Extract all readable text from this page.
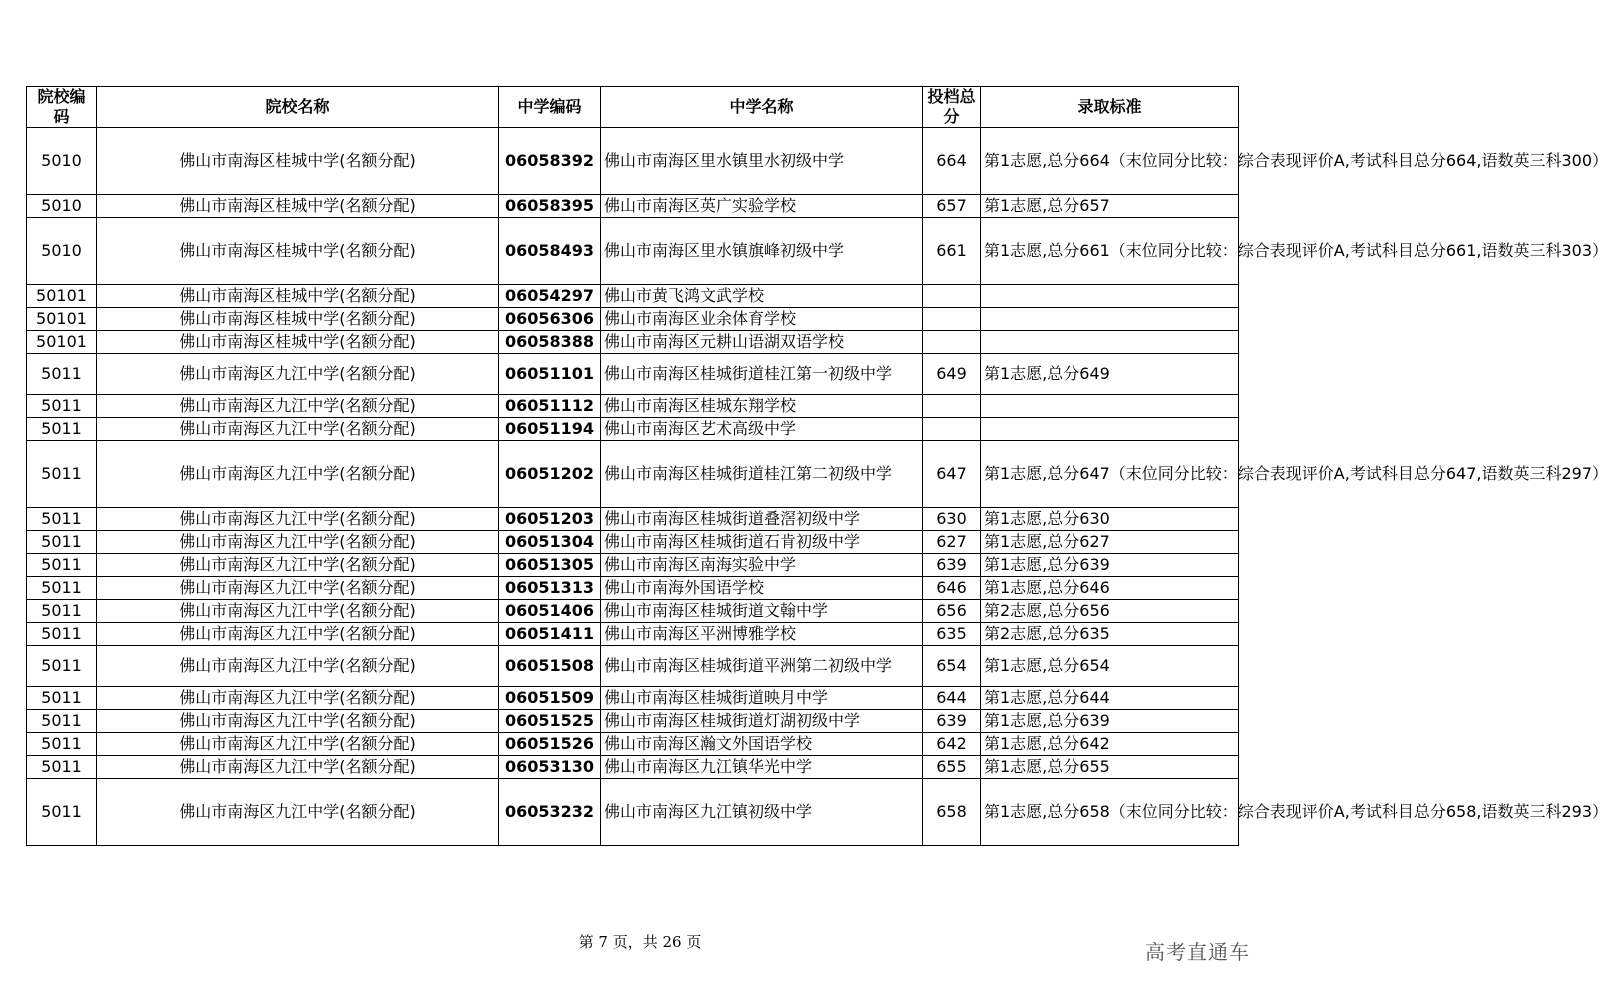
院校编码	院校名称	中学编码	中学名称	投档总分	录取标准
5010	佛山市南海区桂城中学(名额分配)	06058392	佛山市南海区里水镇里水初级中学	664	第1志愿,总分664（末位同分比较：综合表现评价A,考试科目总分664,语数英三科300）
5010	佛山市南海区桂城中学(名额分配)	06058395	佛山市南海区英广实验学校	657	第1志愿,总分657
5010	佛山市南海区桂城中学(名额分配)	06058493	佛山市南海区里水镇旗峰初级中学	661	第1志愿,总分661（末位同分比较：综合表现评价A,考试科目总分661,语数英三科303）
50101	佛山市南海区桂城中学(名额分配)	06054297	佛山市黄飞鸿文武学校		
50101	佛山市南海区桂城中学(名额分配)	06056306	佛山市南海区业余体育学校		
50101	佛山市南海区桂城中学(名额分配)	06058388	佛山市南海区元耕山语湖双语学校		
5011	佛山市南海区九江中学(名额分配)	06051101	佛山市南海区桂城街道桂江第一初级中学	649	第1志愿,总分649
5011	佛山市南海区九江中学(名额分配)	06051112	佛山市南海区桂城东翔学校		
5011	佛山市南海区九江中学(名额分配)	06051194	佛山市南海区艺术高级中学		
5011	佛山市南海区九江中学(名额分配)	06051202	佛山市南海区桂城街道桂江第二初级中学	647	第1志愿,总分647（末位同分比较：综合表现评价A,考试科目总分647,语数英三科297）
5011	佛山市南海区九江中学(名额分配)	06051203	佛山市南海区桂城街道叠滘初级中学	630	第1志愿,总分630
5011	佛山市南海区九江中学(名额分配)	06051304	佛山市南海区桂城街道石肯初级中学	627	第1志愿,总分627
5011	佛山市南海区九江中学(名额分配)	06051305	佛山市南海区南海实验中学	639	第1志愿,总分639
5011	佛山市南海区九江中学(名额分配)	06051313	佛山市南海外国语学校	646	第1志愿,总分646
5011	佛山市南海区九江中学(名额分配)	06051406	佛山市南海区桂城街道文翰中学	656	第2志愿,总分656
5011	佛山市南海区九江中学(名额分配)	06051411	佛山市南海区平洲博雅学校	635	第2志愿,总分635
5011	佛山市南海区九江中学(名额分配)	06051508	佛山市南海区桂城街道平洲第二初级中学	654	第1志愿,总分654
5011	佛山市南海区九江中学(名额分配)	06051509	佛山市南海区桂城街道映月中学	644	第1志愿,总分644
5011	佛山市南海区九江中学(名额分配)	06051525	佛山市南海区桂城街道灯湖初级中学	639	第1志愿,总分639
5011	佛山市南海区九江中学(名额分配)	06051526	佛山市南海区瀚文外国语学校	642	第1志愿,总分642
5011	佛山市南海区九江中学(名额分配)	06053130	佛山市南海区九江镇华光中学	655	第1志愿,总分655
5011	佛山市南海区九江中学(名额分配)	06053232	佛山市南海区九江镇初级中学	658	第1志愿,总分658（末位同分比较：综合表现评价A,考试科目总分658,语数英三科293）
第 7 页，共 26 页	高考直通车
